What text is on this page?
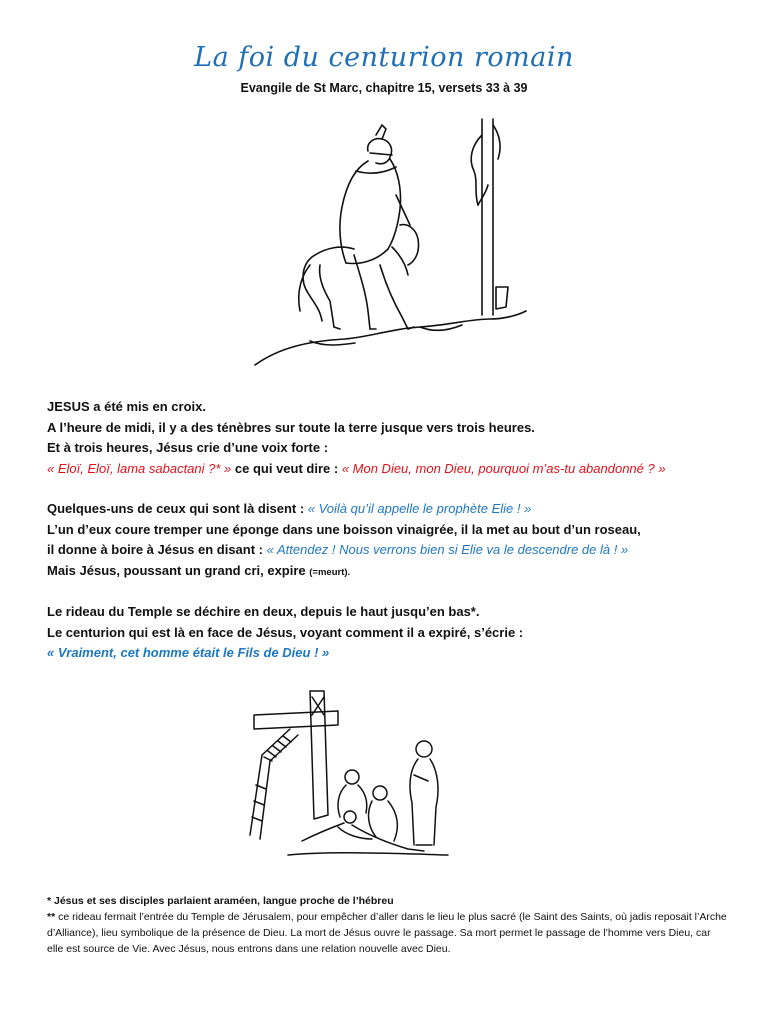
La foi du centurion romain
Evangile de St Marc, chapitre 15, versets 33 à 39

JESUS a été mis en croix.

A l’heure de midi, il y a des ténèbres sur toute la terre jusque vers trois heures.

Et à trois heures, Jésus crie d’une voix forte :

« Eloï, Eloï, lama sabactani ?* » ce qui veut dire : « Mon Dieu, mon Dieu, pourquoi m’as-tu abandonné ? »

Quelques-uns de ceux qui sont là disent : « Voilà qu’il appelle le prophète Elie ! »

L’un d’eux coure tremper une éponge dans une boisson vinaigrée, il la met au bout d’un roseau,

il donne à boire à Jésus en disant : « Attendez ! Nous verrons bien si Elie va le descendre de là ! »

Mais Jésus, poussant un grand cri, expire (=meurt).

Le rideau du Temple se déchire en deux, depuis le haut jusqu’en bas*.

Le centurion qui est là en face de Jésus, voyant comment il a expiré, s’écrie :

« Vraiment, cet homme était le Fils de Dieu ! »

* Jésus et ses disciples parlaient araméen, langue proche de l’hébreu

** ce rideau fermait l’entrée du Temple de Jérusalem, pour empêcher d’aller dans le lieu le plus sacré (le Saint des Saints, où jadis reposait l’Arche d’Alliance), lieu symbolique de la présence de Dieu. La mort de Jésus ouvre le passage. Sa mort permet le passage de l’homme vers Dieu, car elle est source de Vie. Avec Jésus, nous entrons dans une relation nouvelle avec Dieu.
